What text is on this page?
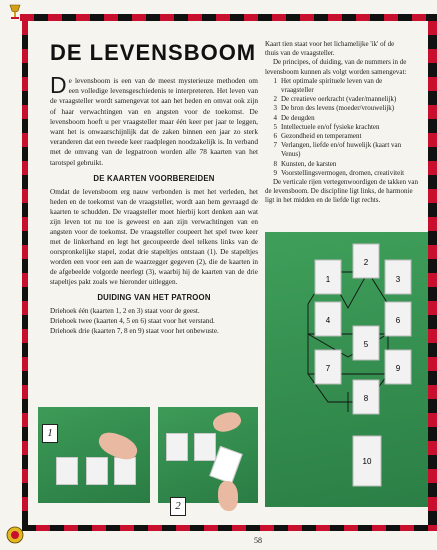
DE LEVENSBOOM
De levensboom is een van de meest mysterieuze methoden om een volledige levensgeschiedenis te interpreteren. Het leven van de vraagsteller wordt samengevat tot aan het heden en omvat ook zijn of haar verwachtingen van en angsten voor de toekomst. De levensboom hoeft u per vraagsteller maar één keer per jaar te leggen, want het is onwaarschijnlijk dat de zaken binnen een jaar zo sterk veranderen dat een tweede keer raadplegen noodzakelijk is. In verband met de omvang van de legpatroon worden alle 78 kaarten van het tarotspel gebruikt.
DE KAARTEN VOORBEREIDEN

Omdat de levensboom erg nauw verbonden is met het verleden, het heden en de toekomst van de vraagsteller, wordt aan hem gevraagd de kaarten te schudden. De vraagsteller moet hierbij kort denken aan wat zijn leven tot nu toe is geweest en aan zijn verwachtingen van en angsten voor de toekomst. De vraagsteller coupeert het spel twee keer met de linkerhand en legt het gecoupeerde deel telkens links van de oorspronkelijke stapel, zodat drie stapeltjes ontstaan (1). De stapeltjes worden een voor een aan de waarzegger gegeven (2), die de kaarten in de afgebeelde volgorde neerlegt (3), waarbij hij de kaarten van de drie stapeltjes pakt zoals we hieronder uitleggen.

DUIDING VAN HET PATROON

Driehoek één (kaarten 1, 2 en 3) staat voor de geest.

Driehoek twee (kaarten 4, 5 en 6) staat voor het verstand.

Driehoek drie (kaarten 7, 8 en 9) staat voor het onbewuste.

1
2

Kaart tien staat voor het lichamelijke 'ik' of de

thuis van de vraagsteller.

De principes, of duiding, van de nummers in de

levensboom kunnen als volgt worden samengevat:

1 Het optimale spirituele leven van de
vraagsteller
2 De creatieve oerkracht (vader/mannelijk)
3 De bron des levens (moeder/vrouwelijk)
4 De deugden
5 Intellectuele en/of fysieke krachten
6 Gezondheid en temperament
7 Verlangen, liefde en/of huwelijk (kaart van
Venus)
8 Kunsten, de karsten
9 Voorstellingsvermogen, dromen, creativiteit

De verticale rijen vertegenwoordigen de takken van

de levensboom. De discipline ligt links, de harmonie

ligt in het midden en de liefde ligt rechts.

1
2
3
4
5
6
7
8
9
10
58
